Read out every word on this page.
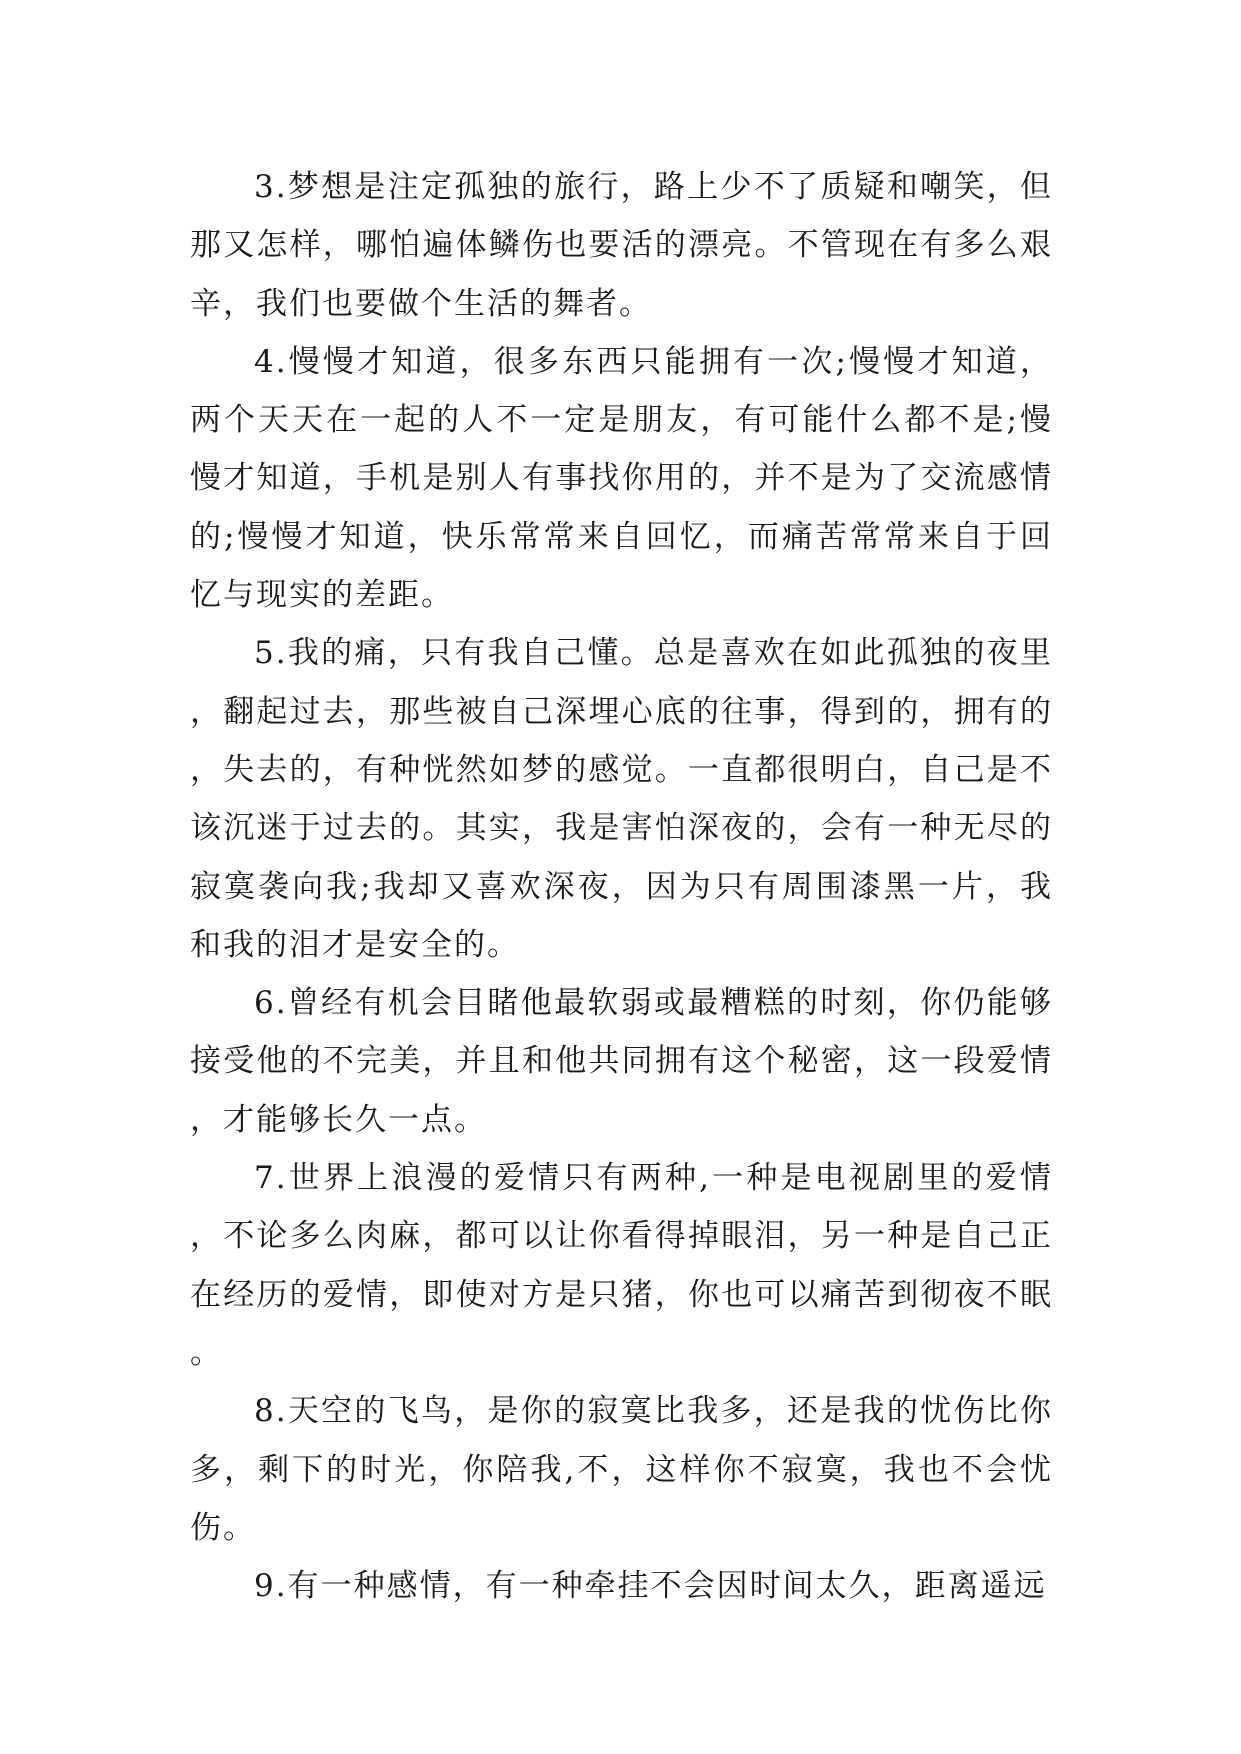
3.梦想是注定孤独的旅行，路上少不了质疑和嘲笑，但那又怎样，哪怕遍体鳞伤也要活的漂亮。不管现在有多么艰辛，我们也要做个生活的舞者。

4.慢慢才知道，很多东西只能拥有一次;慢慢才知道，两个天天在一起的人不一定是朋友，有可能什么都不是;慢慢才知道，手机是别人有事找你用的，并不是为了交流感情的;慢慢才知道，快乐常常来自回忆，而痛苦常常来自于回忆与现实的差距。

5.我的痛，只有我自己懂。总是喜欢在如此孤独的夜里，翻起过去，那些被自己深埋心底的往事，得到的，拥有的，失去的，有种恍然如梦的感觉。一直都很明白，自己是不该沉迷于过去的。其实，我是害怕深夜的，会有一种无尽的寂寞袭向我;我却又喜欢深夜，因为只有周围漆黑一片，我和我的泪才是安全的。

6.曾经有机会目睹他最软弱或最糟糕的时刻，你仍能够接受他的不完美，并且和他共同拥有这个秘密，这一段爱情，才能够长久一点。

7.世界上浪漫的爱情只有两种,一种是电视剧里的爱情，不论多么肉麻，都可以让你看得掉眼泪，另一种是自己正在经历的爱情，即使对方是只猪，你也可以痛苦到彻夜不眠。

8.天空的飞鸟，是你的寂寞比我多，还是我的忧伤比你多，剩下的时光，你陪我,不，这样你不寂寞，我也不会忧伤。

9.有一种感情，有一种牵挂不会因时间太久，距离遥远
